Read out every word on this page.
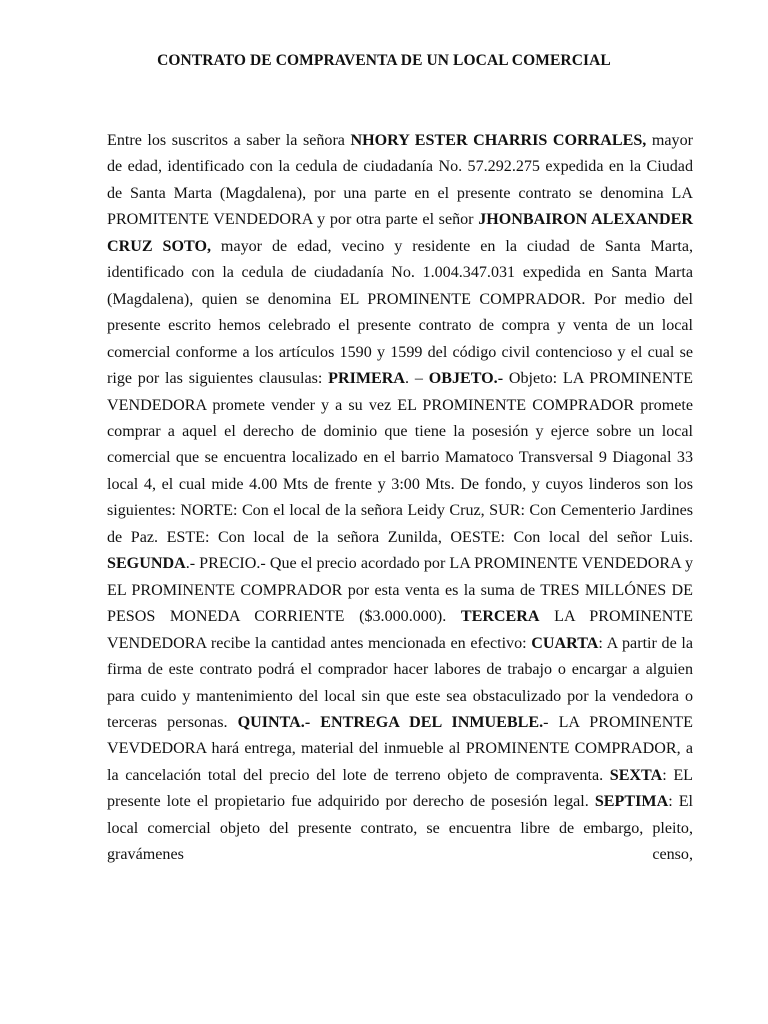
CONTRATO DE COMPRAVENTA DE UN LOCAL COMERCIAL

Entre los suscritos a saber la señora NHORY ESTER CHARRIS CORRALES, mayor de edad, identificado con la cedula de ciudadanía No. 57.292.275 expedida en la Ciudad de Santa Marta (Magdalena), por una parte en el presente contrato se denomina LA PROMITENTE VENDEDORA y por otra parte el señor JHONBAIRON ALEXANDER CRUZ SOTO, mayor de edad, vecino y residente en la ciudad de Santa Marta, identificado con la cedula de ciudadanía No. 1.004.347.031 expedida en Santa Marta (Magdalena), quien se denomina EL PROMINENTE COMPRADOR. Por medio del presente escrito hemos celebrado el presente contrato de compra y venta de un local comercial conforme a los artículos 1590 y 1599 del código civil contencioso y el cual se rige por las siguientes clausulas: PRIMERA. – OBJETO.- Objeto: LA PROMINENTE VENDEDORA promete vender y a su vez EL PROMINENTE COMPRADOR promete comprar a aquel el derecho de dominio que tiene la posesión y ejerce sobre un local comercial que se encuentra localizado en el barrio Mamatoco Transversal 9 Diagonal 33 local 4, el cual mide 4.00 Mts de frente y 3:00 Mts. De fondo, y cuyos linderos son los siguientes: NORTE: Con el local de la señora Leidy Cruz, SUR: Con Cementerio Jardines de Paz. ESTE: Con local de la señora Zunilda, OESTE: Con local del señor Luis. SEGUNDA.- PRECIO.- Que el precio acordado por LA PROMINENTE VENDEDORA y EL PROMINENTE COMPRADOR por esta venta es la suma de TRES MILLÓNES DE PESOS MONEDA CORRIENTE ($3.000.000). TERCERA LA PROMINENTE VENDEDORA recibe la cantidad antes mencionada en efectivo: CUARTA: A partir de la firma de este contrato podrá el comprador hacer labores de trabajo o encargar a alguien para cuido y mantenimiento del local sin que este sea obstaculizado por la vendedora o terceras personas. QUINTA.- ENTREGA DEL INMUEBLE.- LA PROMINENTE VEVDEDORA hará entrega, material del inmueble al PROMINENTE COMPRADOR, a la cancelación total del precio del lote de terreno objeto de compraventa. SEXTA: EL presente lote el propietario fue adquirido por derecho de posesión legal. SEPTIMA: El local comercial objeto del presente contrato, se encuentra libre de embargo, pleito, gravámenes censo,
